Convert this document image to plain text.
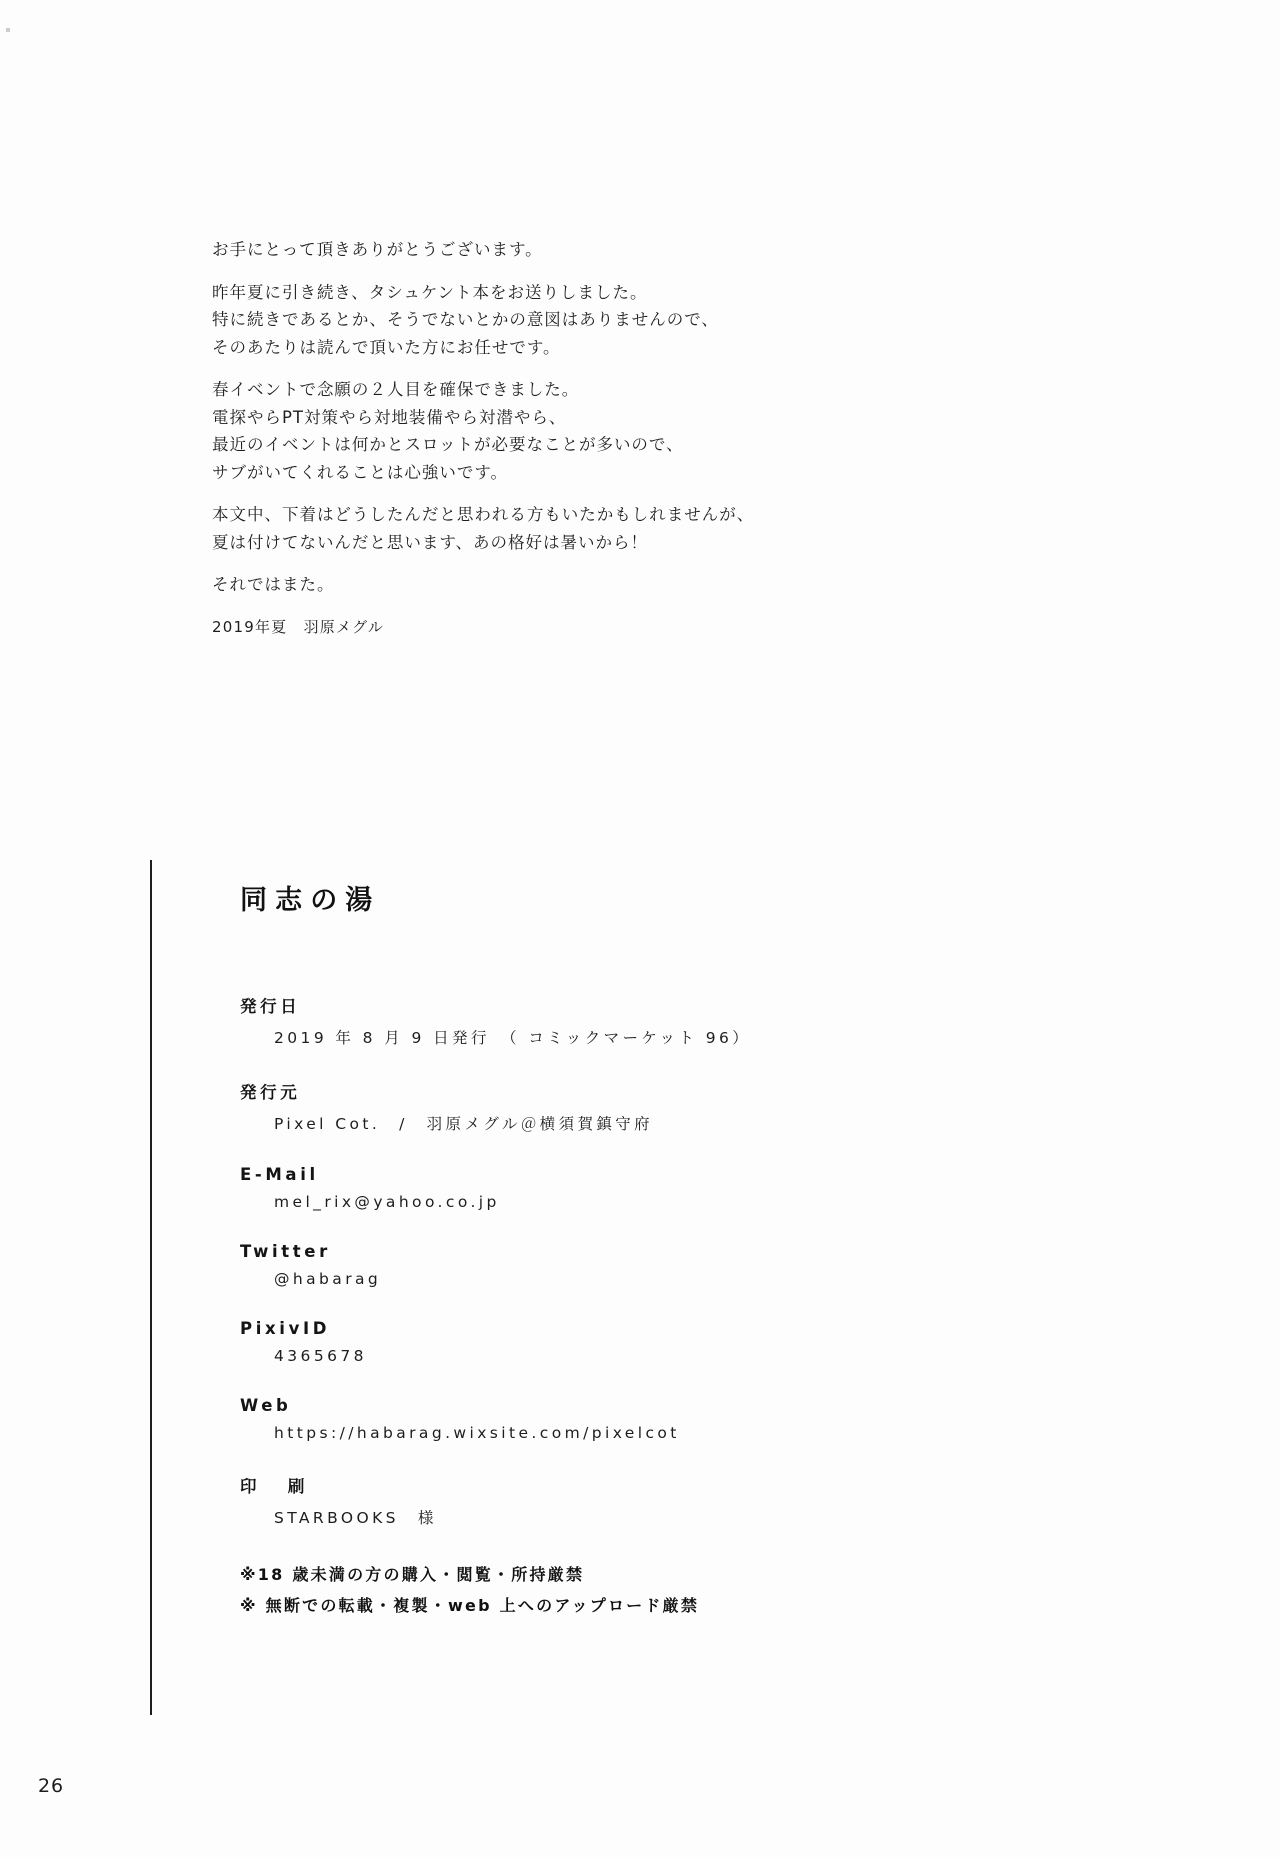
お手にとって頂きありがとうございます。
昨年夏に引き続き、タシュケント本をお送りしました。
特に続きであるとか、そうでないとかの意図はありませんので、
そのあたりは読んで頂いた方にお任せです。
春イベントで念願の２人目を確保できました。
電探やらPT対策やら対地装備やら対潜やら、
最近のイベントは何かとスロットが必要なことが多いので、
サブがいてくれることは心強いです。
本文中、下着はどうしたんだと思われる方もいたかもしれませんが、
夏は付けてないんだと思います、あの格好は暑いから！
それではまた。
2019年夏　羽原メグル
同志の湯
発行日
2019 年 8 月 9 日発行　（ コミックマーケット 96）
発行元
Pixel Cot.　/　羽原メグル＠横須賀鎮守府
E-Mail
mel_rix@yahoo.co.jp
Twitter
@habarag
PixivID
4365678
Web
https://habarag.wixsite.com/pixelcot
印　刷
STARBOOKS　様
※18 歳未満の方の購入・閲覧・所持厳禁
※ 無断での転載・複製・web 上へのアップロード厳禁
26
